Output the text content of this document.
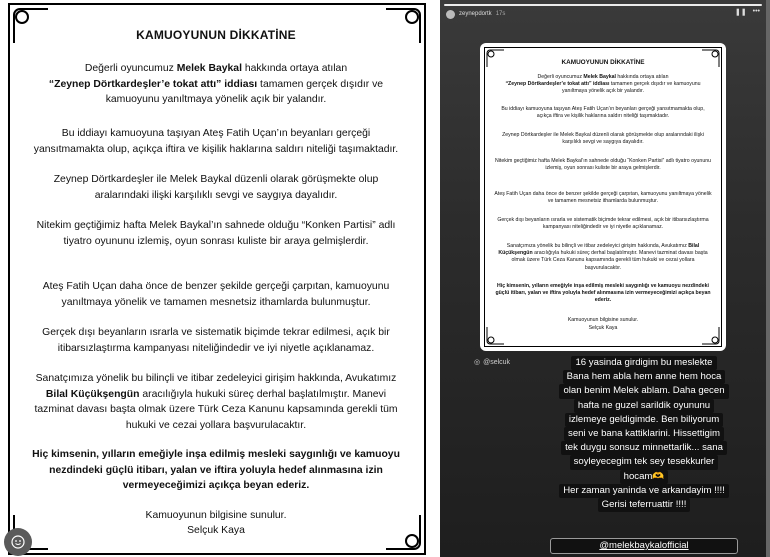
KAMUOYUNUN DİKKATİNE
Değerli oyuncumuz Melek Baykal hakkında ortaya atılan
“Zeynep Dörtkardeşler’e tokat attı” iddiası tamamen gerçek dışıdır ve kamuoyunu yanıltmaya yönelik açık bir yalandır.
Bu iddiayı kamuoyuna taşıyan Ateş Fatih Uçan’ın beyanları gerçeği yansıtmamakta olup, açıkça iftira ve kişilik haklarına saldırı niteliği taşımaktadır.
Zeynep Dörtkardeşler ile Melek Baykal düzenli olarak görüşmekte olup aralarındaki ilişki karşılıklı sevgi ve saygıya dayalıdır.
Nitekim geçtiğimiz hafta Melek Baykal’ın sahnede olduğu “Konken Partisi” adlı tiyatro oyununu izlemiş, oyun sonrası kuliste bir araya gelmişlerdir.
Ateş Fatih Uçan daha önce de benzer şekilde gerçeği çarpıtan, kamuoyunu yanıltmaya yönelik ve tamamen mesnetsiz ithamlarda bulunmuştur.
Gerçek dışı beyanların ısrarla ve sistematik biçimde tekrar edilmesi, açık bir itibarsızlaştırma kampanyası niteliğindedir ve iyi niyetle açıklanamaz.
Sanatçımıza yönelik bu bilinçli ve itibar zedeleyici girişim hakkında, Avukatımız Bilal Küçükşengün aracılığıyla hukuki süreç derhal başlatılmıştır. Manevi tazminat davası başta olmak üzere Türk Ceza Kanunu kapsamında gerekli tüm hukuki ve cezai yollara başvurulacaktır.
Hiç kimsenin, yılların emeğiyle inşa edilmiş mesleki saygınlığı ve kamuoyu nezdindeki güçlü itibarı, yalan ve iftira yoluyla hedef alınmasına izin vermeyeceğimizi açıkça beyan ederiz.
Kamuoyunun bilgisine sunulur.
Selçuk Kaya
zeynepdortk 17s	❚❚ •••
KAMUOYUNUN DİKKATİNE
Değerli oyuncumuz Melek Baykal hakkında ortaya atılan
“Zeynep Dörtkardeşler’e tokat attı” iddiası tamamen gerçek dışıdır ve kamuoyunu yanıltmaya yönelik açık bir yalandır.
Bu iddiayı kamuoyuna taşıyan Ateş Fatih Uçan’ın beyanları gerçeği yansıtmamakta olup, açıkça iftira ve kişilik haklarına saldırı niteliği taşımaktadır.
Zeynep Dörtkardeşler ile Melek Baykal düzenli olarak görüşmekte olup aralarındaki ilişki karşılıklı sevgi ve saygıya dayalıdır.
Nitekim geçtiğimiz hafta Melek Baykal’ın sahnede olduğu “Konken Partisi” adlı tiyatro oyununu izlemiş, oyun sonrası kuliste bir araya gelmişlerdir.
Ateş Fatih Uçan daha önce de benzer şekilde gerçeği çarpıtan, kamuoyunu yanıltmaya yönelik ve tamamen mesnetsiz ithamlarda bulunmuştur.
Gerçek dışı beyanların ısrarla ve sistematik biçimde tekrar edilmesi, açık bir itibarsızlaştırma kampanyası niteliğindedir ve iyi niyetle açıklanamaz.
Sanatçımıza yönelik bu bilinçli ve itibar zedeleyici girişim hakkında, Avukatımız Bilal Küçükşengün aracılığıyla hukuki süreç derhal başlatılmıştır. Manevi tazminat davası başta olmak üzere Türk Ceza Kanunu kapsamında gerekli tüm hukuki ve cezai yollara başvurulacaktır.
Hiç kimsenin, yılların emeğiyle inşa edilmiş mesleki saygınlığı ve kamuoyu nezdindeki güçlü itibarı, yalan ve iftira yoluyla hedef alınmasına izin vermeyeceğimizi açıkça beyan ederiz.
Kamuoyunun bilgisine sunulur.
Selçuk Kaya
◎ @selcuk	16 yasinda girdigim bu meslekte
Bana hem abla hem anne hem hoca
olan benim Melek ablam. Daha gecen
hafta ne guzel sarildik oyununu
izlemeye geldigimde. Ben biliyorum
seni ve bana kattiklarini. Hissettigim
tek duygu sonsuz minnettarlik... sana
soyleyecegim tek sey tesekkurler
hocam🫶
Her zaman yaninda ve arkandayim !!!!
Gerisi teferruattir !!!!
@melekbaykalofficial
